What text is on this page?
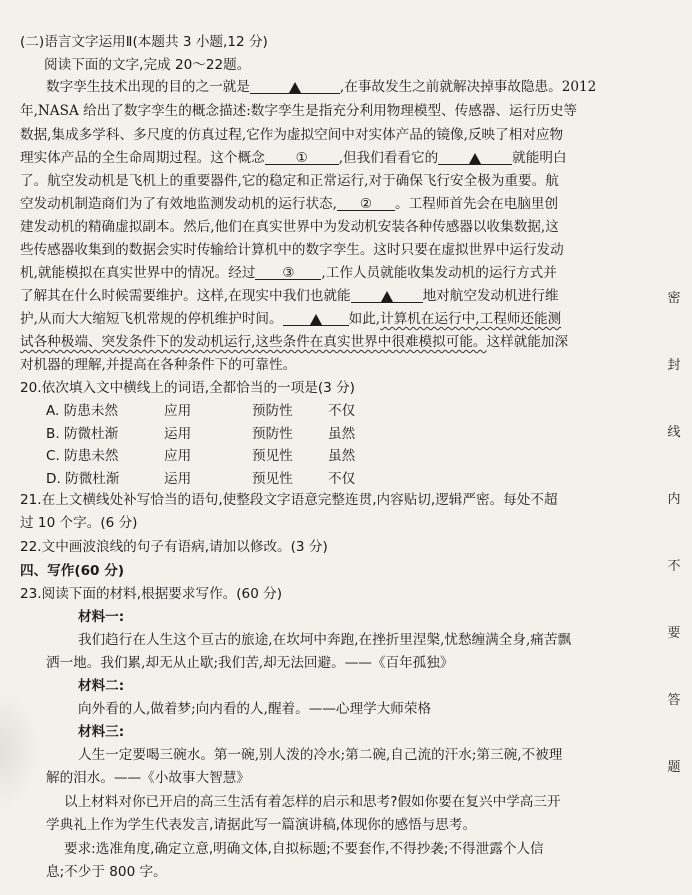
(二)语言文字运用Ⅱ(本题共 3 小题,12 分)
阅读下面的文字,完成 20～22题。
数字孪生技术出现的目的之一就是	,在事故发生之前就解决掉事故隐患。2012
年,NASA 给出了数字孪生的概念描述:数字孪生是指充分利用物理模型、传感器、运行历史等
数据,集成多学科、多尺度的仿真过程,它作为虚拟空间中对实体产品的镜像,反映了相对应物
理实体产品的全生命周期过程。这个概念 ① ,但我们看看它的	就能明白
了。航空发动机是飞机上的重要器件,它的稳定和正常运行,对于确保飞行安全极为重要。航
空发动机制造商们为了有效地监测发动机的运行状态, ② 。工程师首先会在电脑里创
建发动机的精确虚拟副本。然后,他们在真实世界中为发动机安装各种传感器以收集数据,这
些传感器收集到的数据会实时传输给计算机中的数字孪生。这时只要在虚拟世界中运行发动
机,就能模拟在真实世界中的情况。经过 ③ ,工作人员就能收集发动机的运行方式并
了解其在什么时候需要维护。这样,在现实中我们也就能	地对航空发动机进行维
护,从而大大缩短飞机常规的停机维护时间。	如此,计算机在运行中,工程师还能测
试各种极端、突发条件下的发动机运行,这些条件在真实世界中很难模拟可能。这样就能加深
对机器的理解,并提高在各种条件下的可靠性。
20.依次填入文中横线上的词语,全都恰当的一项是(3 分)
A. 防患未然	应用	预防性	不仅
B. 防微杜渐	运用	预防性	虽然
C. 防患未然	应用	预见性	虽然
D. 防微杜渐	运用	预见性	不仅
21.在上文横线处补写恰当的语句,使整段文字语意完整连贯,内容贴切,逻辑严密。每处不超
过 10 个字。(6 分)
22.文中画波浪线的句子有语病,请加以修改。(3 分)
四、写作(60 分)
23.阅读下面的材料,根据要求写作。(60 分)
材料一:
我们趋行在人生这个亘古的旅途,在坎坷中奔跑,在挫折里涅槃,忧愁缠满全身,痛苦飘
洒一地。我们累,却无从止歇;我们苦,却无法回避。——《百年孤独》
材料二:
向外看的人,做着梦;向内看的人,醒着。——心理学大师荣格
材料三:
人生一定要喝三碗水。第一碗,别人泼的冷水;第二碗,自己流的汗水;第三碗,不被理
解的泪水。——《小故事大智慧》
以上材料对你已开启的高三生活有着怎样的启示和思考?假如你要在复兴中学高三开
学典礼上作为学生代表发言,请据此写一篇演讲稿,体现你的感悟与思考。
要求:选准角度,确定立意,明确文体,自拟标题;不要套作,不得抄袭;不得泄露个人信
息;不少于 800 字。
密
封
线
内
不
要
答
题
